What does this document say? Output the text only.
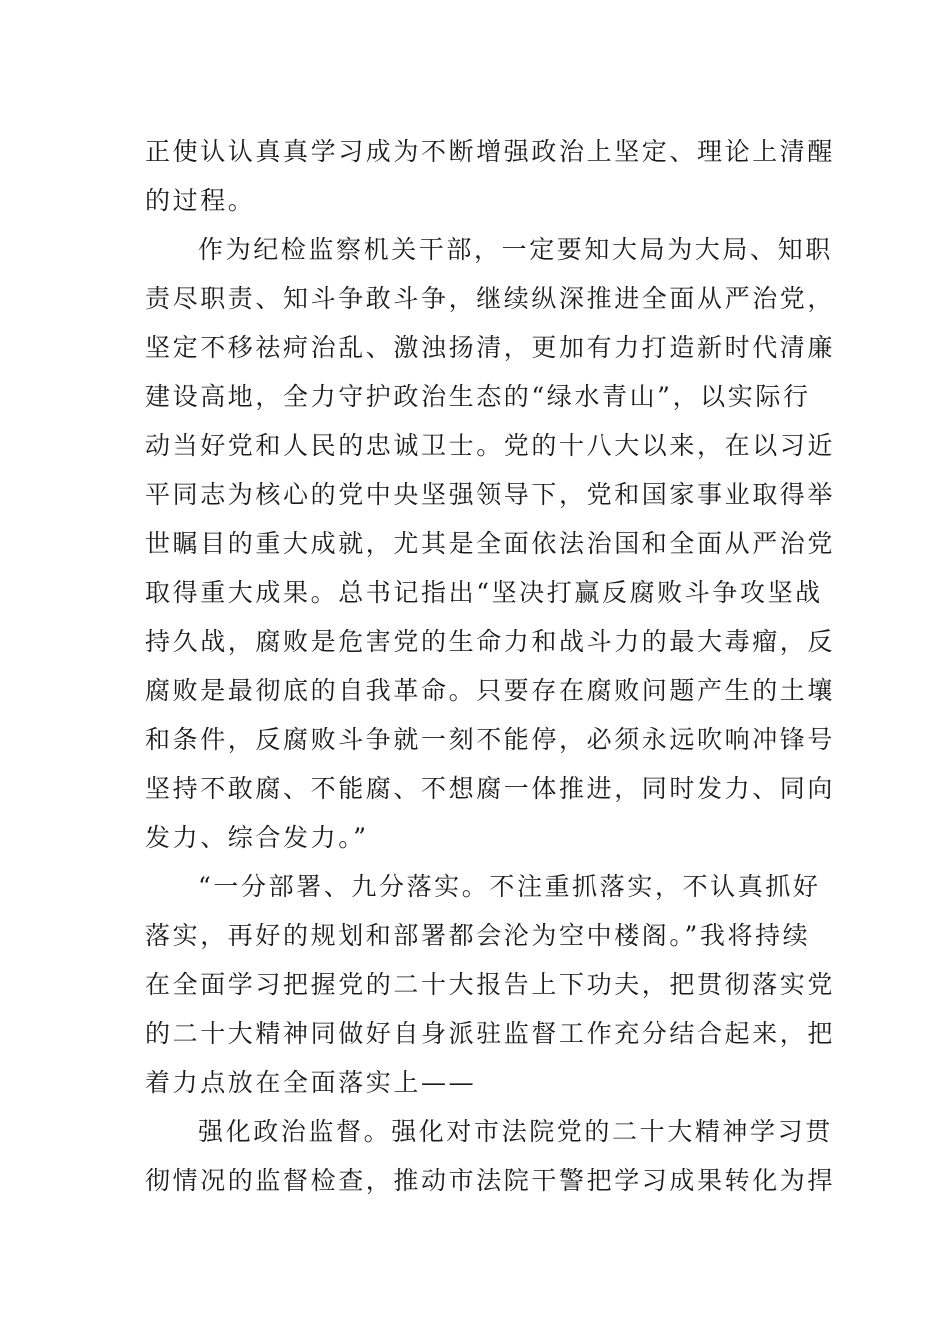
正使认认真真学习成为不断增强政治上坚定、理论上清醒
的过程。
作为纪检监察机关干部，一定要知大局为大局、知职
责尽职责、知斗争敢斗争，继续纵深推进全面从严治党，
坚定不移祛疴治乱、激浊扬清，更加有力打造新时代清廉
建设高地，全力守护政治生态的“绿水青山”，以实际行
动当好党和人民的忠诚卫士。党的十八大以来，在以习近
平同志为核心的党中央坚强领导下，党和国家事业取得举
世瞩目的重大成就，尤其是全面依法治国和全面从严治党
取得重大成果。总书记指出“坚决打赢反腐败斗争攻坚战
持久战，腐败是危害党的生命力和战斗力的最大毒瘤，反
腐败是最彻底的自我革命。只要存在腐败问题产生的土壤
和条件，反腐败斗争就一刻不能停，必须永远吹响冲锋号
坚持不敢腐、不能腐、不想腐一体推进，同时发力、同向
发力、综合发力。”
“一分部署、九分落实。不注重抓落实，不认真抓好
落实，再好的规划和部署都会沦为空中楼阁。”我将持续
在全面学习把握党的二十大报告上下功夫，把贯彻落实党
的二十大精神同做好自身派驻监督工作充分结合起来，把
着力点放在全面落实上——
强化政治监督。强化对市法院党的二十大精神学习贯
彻情况的监督检查，推动市法院干警把学习成果转化为捍
